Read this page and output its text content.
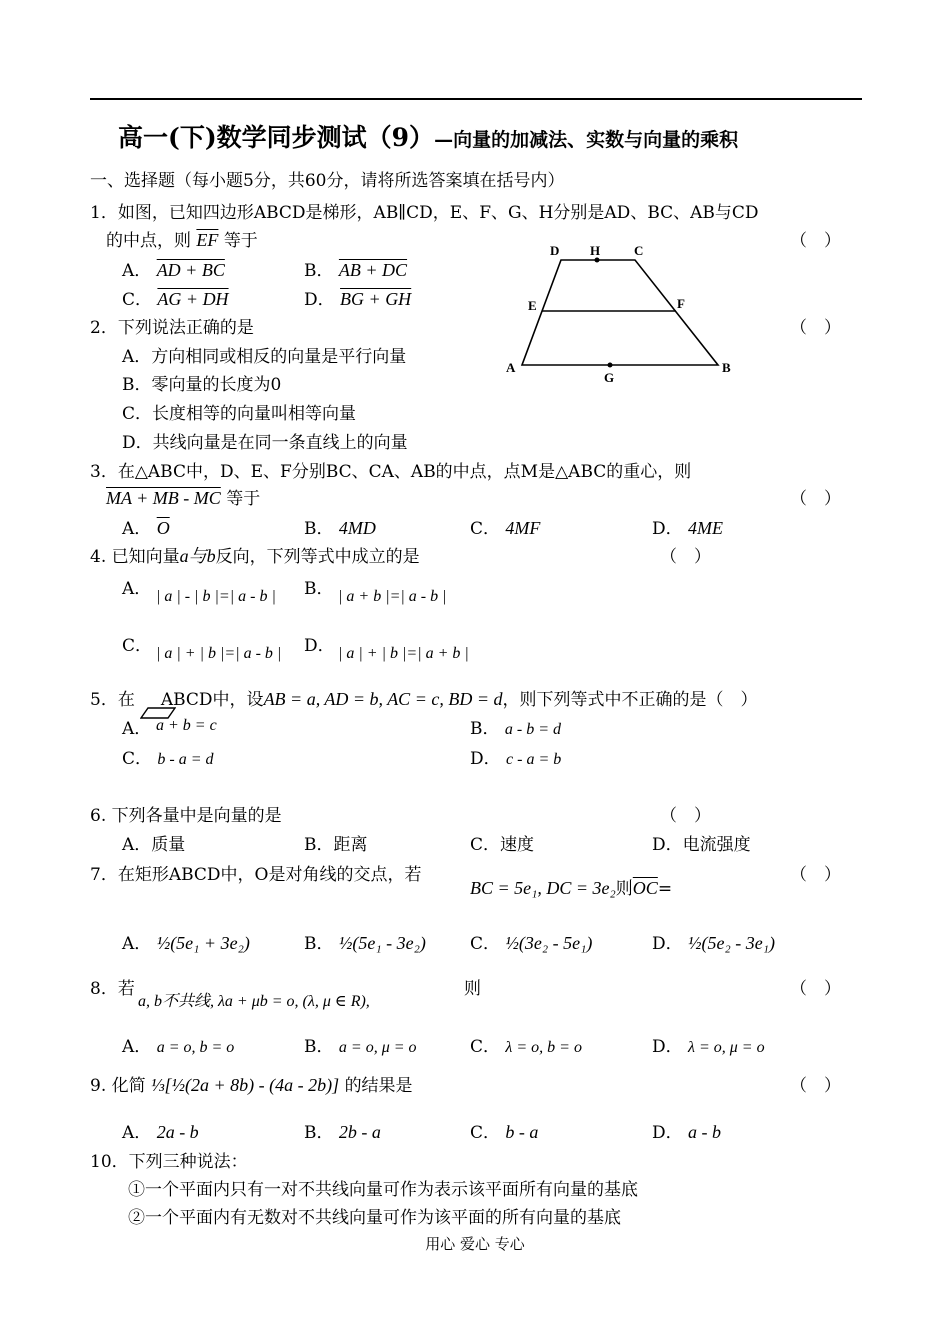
高一(下)数学同步测试（9）—向量的加减法、实数与向量的乘积
一、选择题（每小题5分，共60分，请将所选答案填在括号内）
1．如图，已知四边形ABCD是梯形，AB∥CD，E、F、G、H分别是AD、BC、AB与CD
的中点，则 $\overline{EF}$ 等于	（　）
A． AD + BC	B． AB + DC
C． AG + DH	D． BG + GH
D H	C
E	F
A
G
B
2．下列说法正确的是	（　）
A．方向相同或相反的向量是平行向量
B．零向量的长度为0
C．长度相等的向量叫相等向量
D．共线向量是在同一条直线上的向量
3．在△ABC中，D、E、F分别BC、CA、AB的中点，点M是△ABC的重心，则
MA + MB - MC 等于	（　）
A． $\overline{O}$	B． 4MD	C． 4MF	D． 4ME
4. 已知向量a与b反向，下列等式中成立的是	（　）
A． | a | - | b |=| a - b | B． | a + b |=| a - b |
C． | a | + | b |=| a - b | D． | a | + | b |=| a + b |
5．在 ABCD中，设AB = a, AD = b, AC = c, BD = d，则下列等式中不正确的是（　）
A． a + b = c	B． a - b = d
C． b - a = d	D． c - a = b
6. 下列各量中是向量的是	（　）
A．质量	B．距离	C．速度	D．电流强度
7．在矩形ABCD中，O是对角线的交点，若
BC = 5e₁, DC = 3e₂则$\overline{OC}=$
（　）
A． ½(5e₁ + 3e₂)	B． ½(5e₁ - 3e₂)	C． ½(3e₂ - 5e₁)	D． ½(5e₂ - 3e₁)
8．若
a, b不共线, λa + μb = o, (λ, μ ∈ R),
则	（　）
A． a = o, b = o	B． a = o, μ = o	C． λ = o, b = o	D． λ = o, μ = o
9. 化简 ⅓[½(2a + 8b) - (4a - 2b)] 的结果是	（　）
A． 2a - b	B． 2b - a	C． b - a	D． a - b
10．下列三种说法：
①一个平面内只有一对不共线向量可作为表示该平面所有向量的基底
②一个平面内有无数对不共线向量可作为该平面的所有向量的基底
用心 爱心 专心
